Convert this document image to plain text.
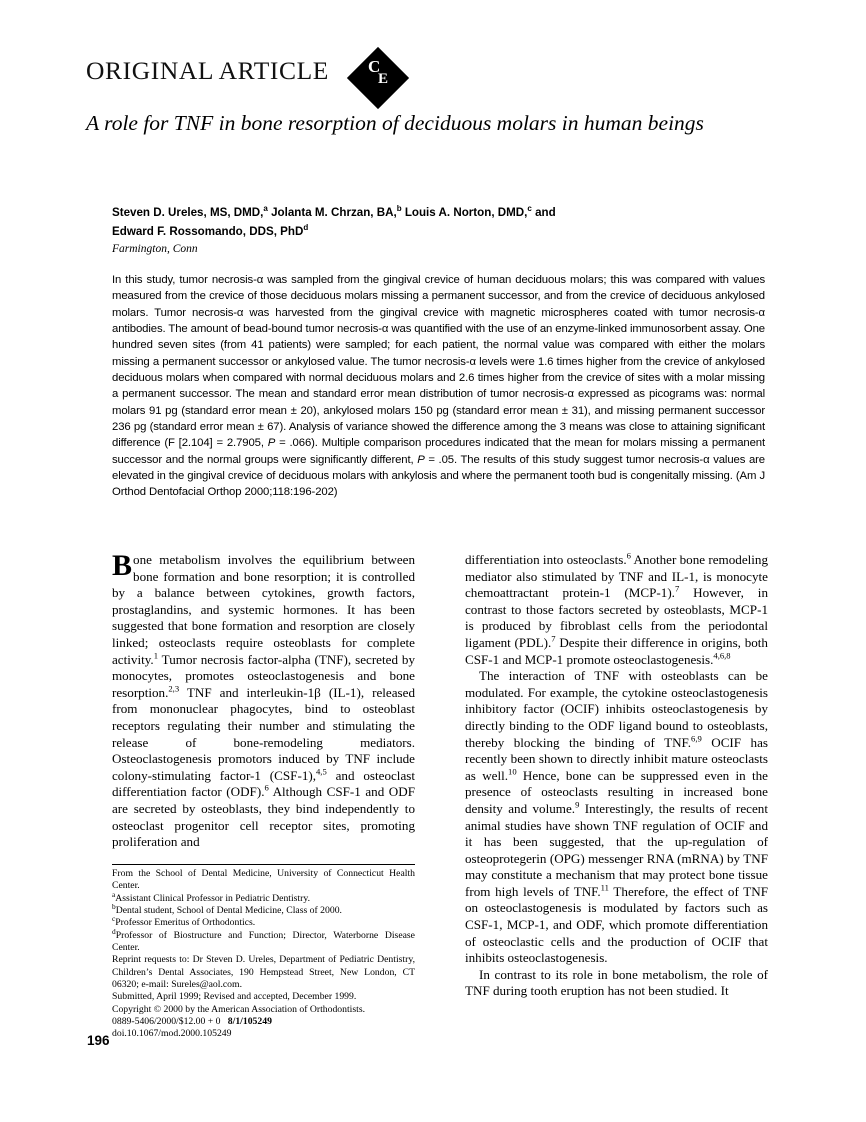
ORIGINAL ARTICLE C
E
A role for TNF in bone resorption of deciduous molars in human beings
Steven D. Ureles, MS, DMD,$^a$ Jolanta M. Chrzan, BA,$^b$ Louis A. Norton, DMD,$^c$ and
Edward F. Rossomando, DDS, PhD$^d$
Farmington, Conn
In this study, tumor necrosis-α was sampled from the gingival crevice of human deciduous molars; this was compared with values measured from the crevice of those deciduous molars missing a permanent successor, and from the crevice of deciduous ankylosed molars. Tumor necrosis-α was harvested from the gingival crevice with magnetic microspheres coated with tumor necrosis-α antibodies. The amount of bead-bound tumor necrosis-α was quantified with the use of an enzyme-linked immunosorbent assay. One hundred seven sites (from 41 patients) were sampled; for each patient, the normal value was compared with either the molars missing a permanent successor or ankylosed value. The tumor necrosis-α levels were 1.6 times higher from the crevice of ankylosed deciduous molars when compared with normal deciduous molars and 2.6 times higher from the crevice of sites with a molar missing a permanent successor. The mean and standard error mean distribution of tumor necrosis-α expressed as picograms was: normal molars 91 pg (standard error mean ± 20), ankylosed molars 150 pg (standard error mean ± 31), and missing permanent successor 236 pg (standard error mean ± 67). Analysis of variance showed the difference among the 3 means was close to attaining significant difference (F [2.104] = 2.7905, P = .066). Multiple comparison procedures indicated that the mean for molars missing a permanent successor and the normal groups were significantly different, P = .05. The results of this study suggest tumor necrosis-α values are elevated in the gingival crevice of deciduous molars with ankylosis and where the permanent tooth bud is congenitally missing. (Am J Orthod Dentofacial Orthop 2000;118:196-202)

Bone metabolism involves the equilibrium between bone formation and bone resorption; it is controlled by a balance between cytokines, growth factors, prostaglandins, and systemic hormones. It has been suggested that bone formation and resorption are closely linked; osteoclasts require osteoblasts for complete activity.$^1$ Tumor necrosis factor-alpha (TNF), secreted by monocytes, promotes osteoclastogenesis and bone resorption.$^{2,3}$ TNF and interleukin-1β (IL-1), released from mononuclear phagocytes, bind to osteoblast receptors regulating their number and stimulating the release of bone-remodeling mediators. Osteoclastogenesis promotors induced by TNF include colony-stimulating factor-1 (CSF-1),$^{4,5}$ and osteoclast differentiation factor (ODF).$^6$ Although CSF-1 and ODF are secreted by osteoblasts, they bind independently to osteoclast progenitor cell receptor sites, promoting proliferation and

differentiation into osteoclasts.$^6$ Another bone remodeling mediator also stimulated by TNF and IL-1, is monocyte chemoattractant protein-1 (MCP-1).$^7$ However, in contrast to those factors secreted by osteoblasts, MCP-1 is produced by fibroblast cells from the periodontal ligament (PDL).$^7$ Despite their difference in origins, both CSF-1 and MCP-1 promote osteoclastogenesis.$^{4,6,8}$

The interaction of TNF with osteoblasts can be modulated. For example, the cytokine osteoclastogenesis inhibitory factor (OCIF) inhibits osteoclastogenesis by directly binding to the ODF ligand bound to osteoblasts, thereby blocking the binding of TNF.$^{6,9}$ OCIF has recently been shown to directly inhibit mature osteoclasts as well.$^{10}$ Hence, bone can be suppressed even in the presence of osteoclasts resulting in increased bone density and volume.$^9$ Interestingly, the results of recent animal studies have shown TNF regulation of OCIF and it has been suggested, that the up-regulation of osteoprotegerin (OPG) messenger RNA (mRNA) by TNF may constitute a mechanism that may protect bone tissue from high levels of TNF.$^{11}$ Therefore, the effect of TNF on osteoclastogenesis is modulated by factors such as CSF-1, MCP-1, and ODF, which promote differentiation of osteoclastic cells and the production of OCIF that inhibits osteoclastogenesis.

In contrast to its role in bone metabolism, the role of TNF during tooth eruption has not been studied. It

From the School of Dental Medicine, University of Connecticut Health Center.
$^a$Assistant Clinical Professor in Pediatric Dentistry.
$^b$Dental student, School of Dental Medicine, Class of 2000.
$^c$Professor Emeritus of Orthodontics.
$^d$Professor of Biostructure and Function; Director, Waterborne Disease Center.
Reprint requests to: Dr Steven D. Ureles, Department of Pediatric Dentistry, Children’s Dental Associates, 190 Hempstead Street, New London, CT 06320; e-mail: Sureles@aol.com.
Submitted, April 1999; Revised and accepted, December 1999.
Copyright © 2000 by the American Association of Orthodontists.
0889-5406/2000/$12.00 + 0 8/1/105249
doi.10.1067/mod.2000.105249
196
